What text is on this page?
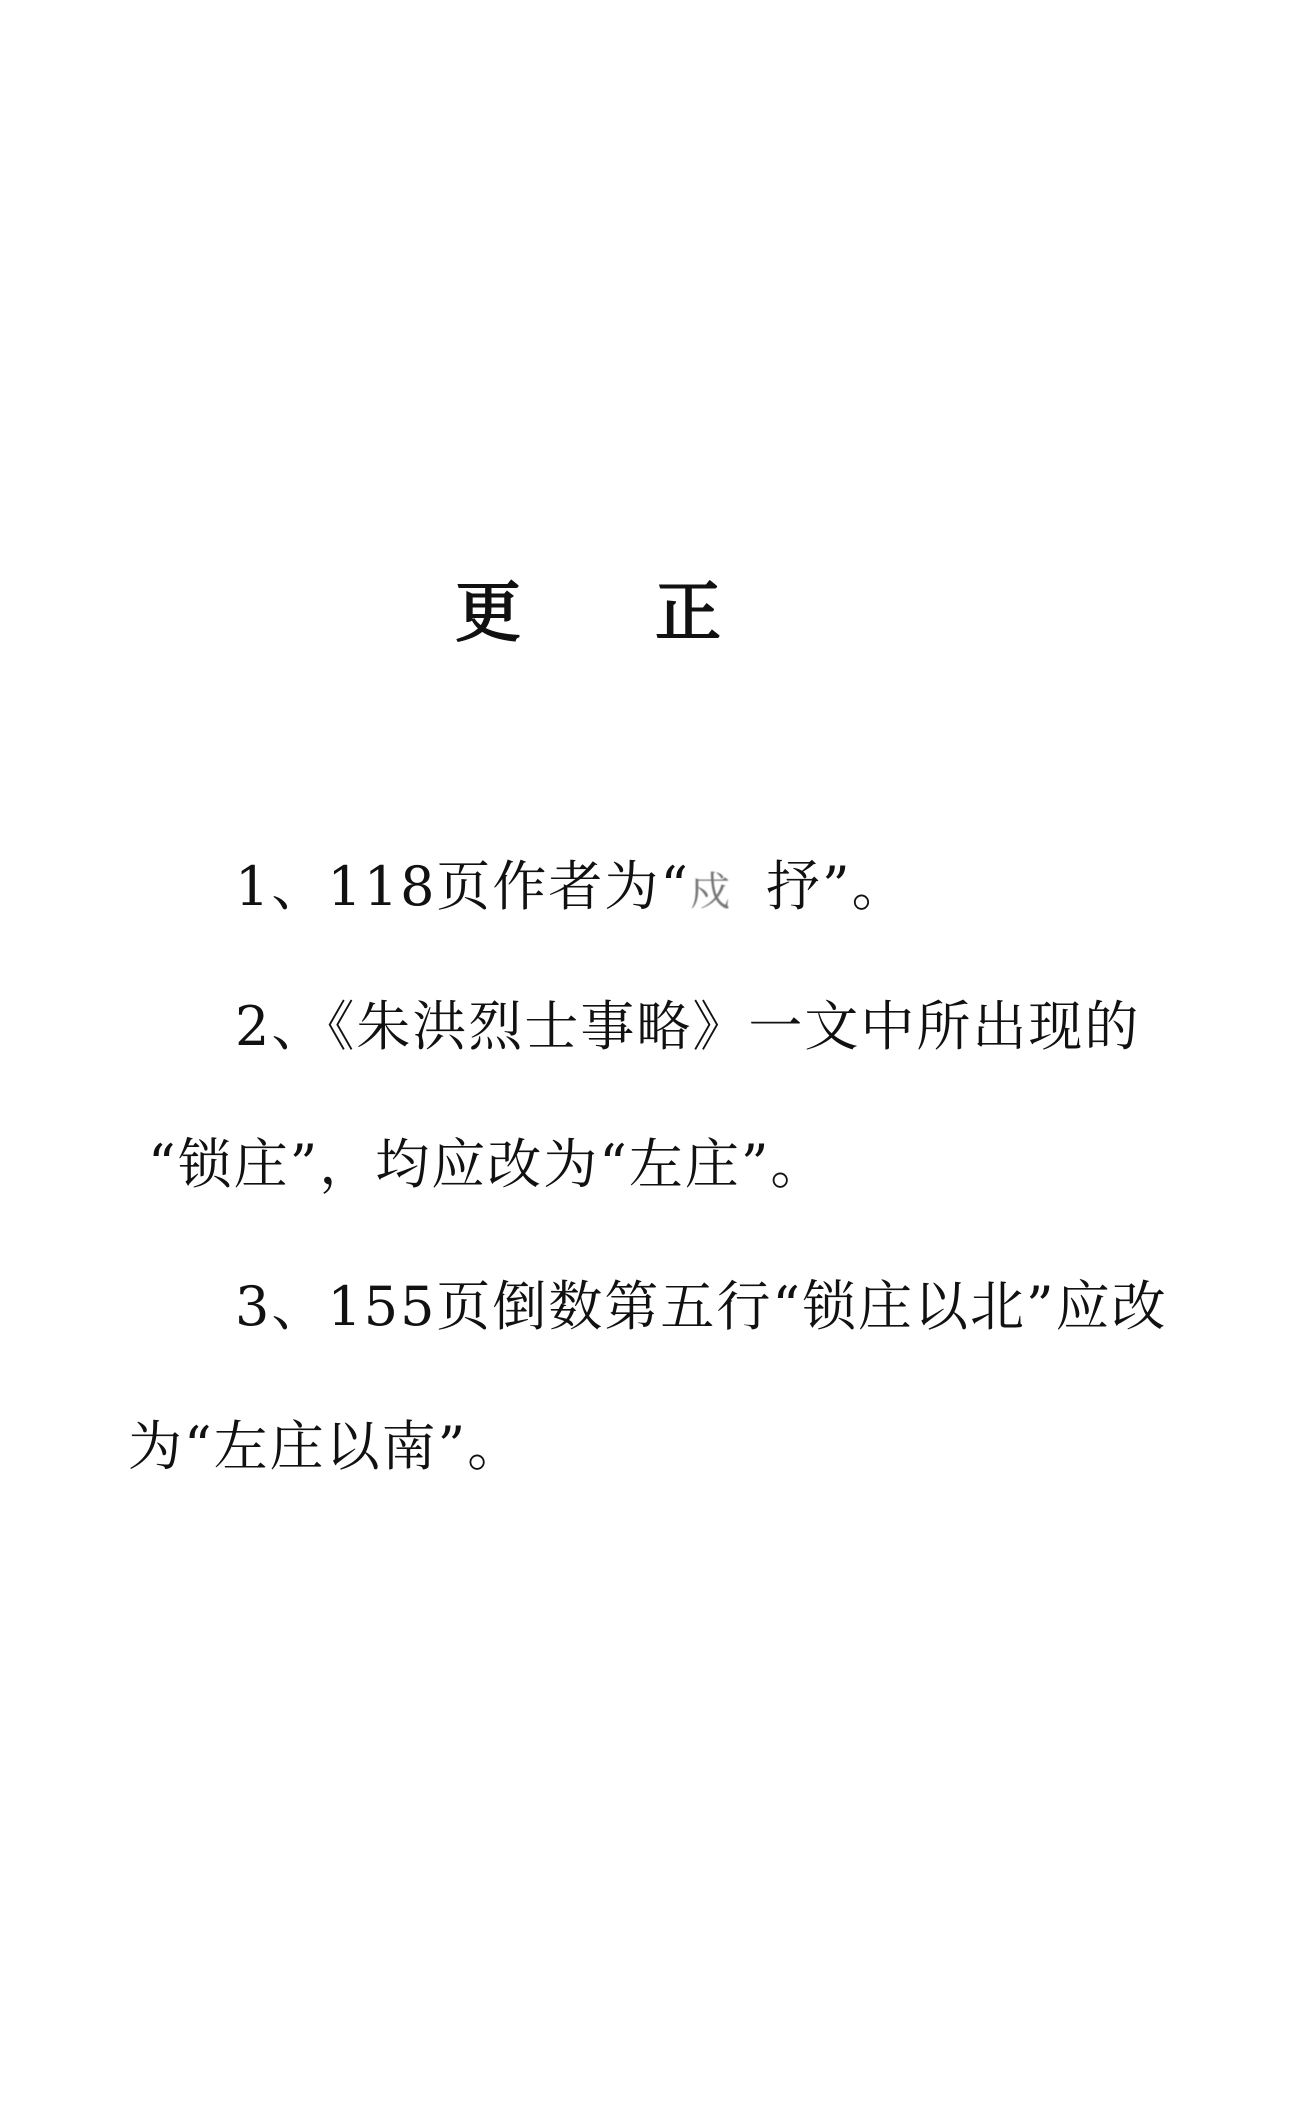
更 正
1、118页作者为“戍 抒”。
2、《朱洪烈士事略》一文中所出现的
“锁庄”，均应改为“左庄”。
3、155页倒数第五行“锁庄以北”应改
为“左庄以南”。
